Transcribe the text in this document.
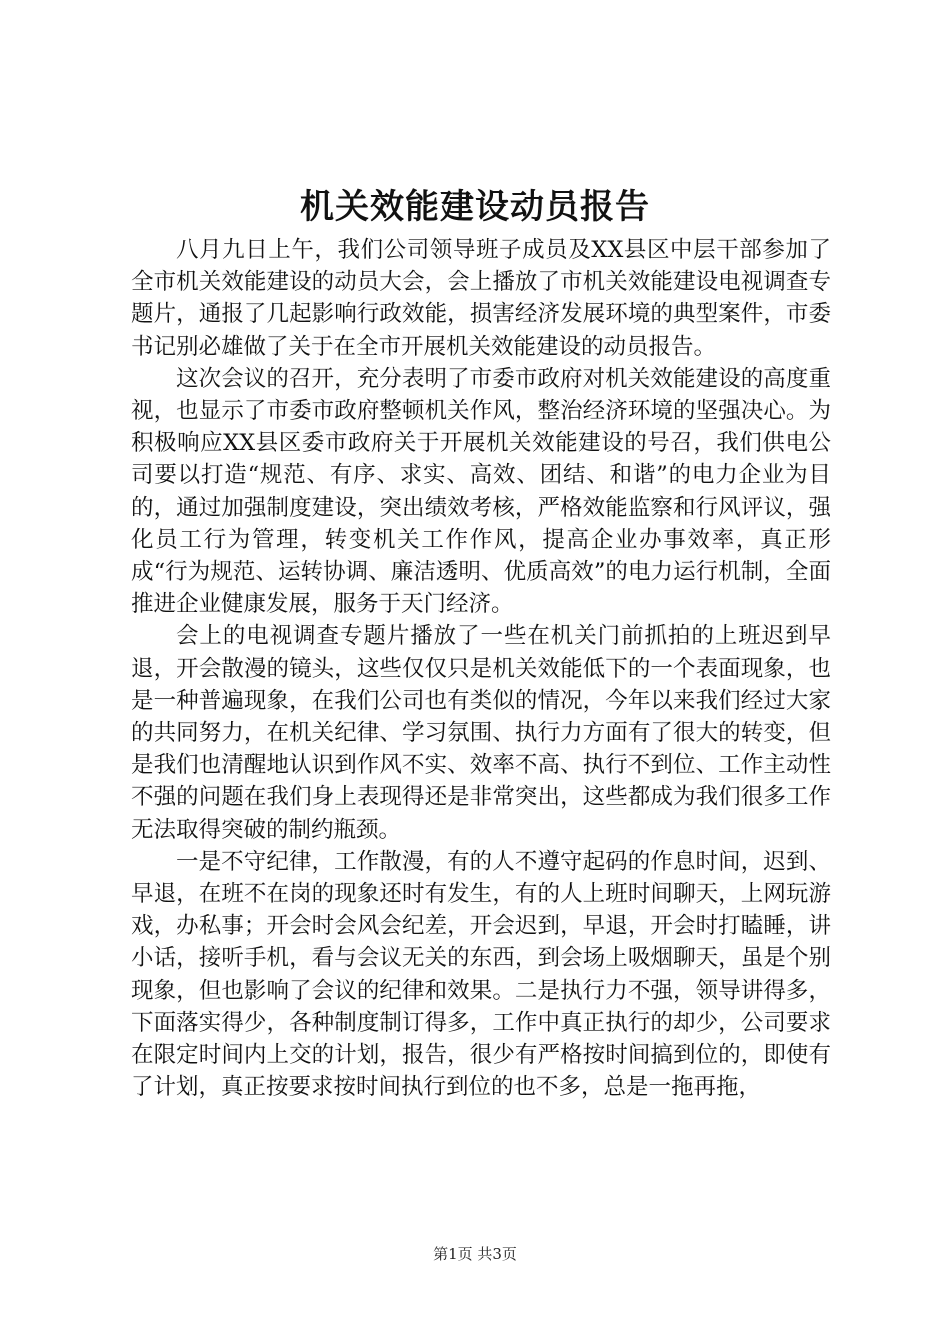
机关效能建设动员报告

八月九日上午，我们公司领导班子成员及XX县区中层干部参加了全市机关效能建设的动员大会，会上播放了市机关效能建设电视调查专题片，通报了几起影响行政效能，损害经济发展环境的典型案件，市委书记别必雄做了关于在全市开展机关效能建设的动员报告。

这次会议的召开，充分表明了市委市政府对机关效能建设的高度重视，也显示了市委市政府整顿机关作风，整治经济环境的坚强决心。为积极响应XX县区委市政府关于开展机关效能建设的号召，我们供电公司要以打造“规范、有序、求实、高效、团结、和谐”的电力企业为目的，通过加强制度建设，突出绩效考核，严格效能监察和行风评议，强化员工行为管理，转变机关工作作风，提高企业办事效率，真正形成“行为规范、运转协调、廉洁透明、优质高效”的电力运行机制，全面推进企业健康发展，服务于天门经济。

会上的电视调查专题片播放了一些在机关门前抓拍的上班迟到早退，开会散漫的镜头，这些仅仅只是机关效能低下的一个表面现象，也是一种普遍现象，在我们公司也有类似的情况，今年以来我们经过大家的共同努力，在机关纪律、学习氛围、执行力方面有了很大的转变，但是我们也清醒地认识到作风不实、效率不高、执行不到位、工作主动性不强的问题在我们身上表现得还是非常突出，这些都成为我们很多工作无法取得突破的制约瓶颈。

一是不守纪律，工作散漫，有的人不遵守起码的作息时间，迟到、早退，在班不在岗的现象还时有发生，有的人上班时间聊天，上网玩游戏，办私事；开会时会风会纪差，开会迟到，早退，开会时打瞌睡，讲小话，接听手机，看与会议无关的东西，到会场上吸烟聊天，虽是个别现象，但也影响了会议的纪律和效果。二是执行力不强，领导讲得多，下面落实得少，各种制度制订得多，工作中真正执行的却少，公司要求在限定时间内上交的计划，报告，很少有严格按时间搞到位的，即使有了计划，真正按要求按时间执行到位的也不多，总是一拖再拖，

第1页 共3页
